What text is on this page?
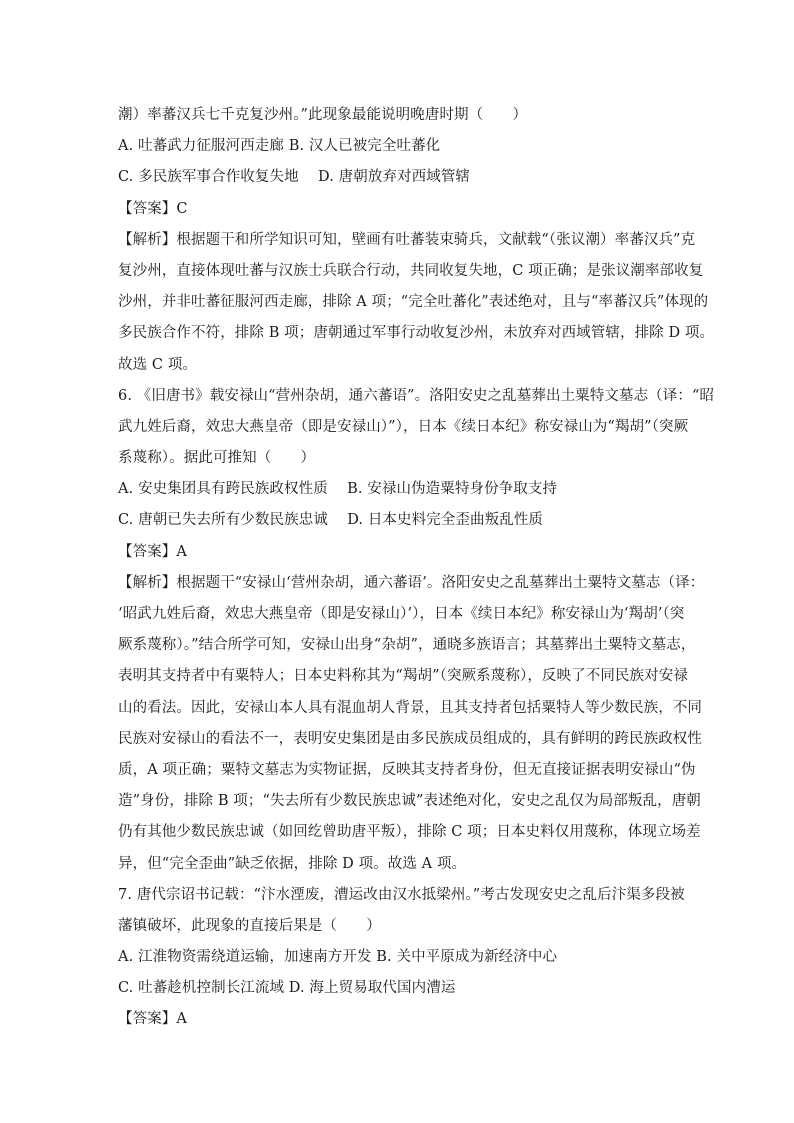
潮）率蕃汉兵七千克复沙州。”此现象最能说明晚唐时期（　　）
A. 吐蕃武力征服河西走廊 B. 汉人已被完全吐蕃化
C. 多民族军事合作收复失地　 D. 唐朝放弃对西域管辖
【答案】C
【解析】根据题干和所学知识可知，壁画有吐蕃装束骑兵，文献载“（张议潮）率蕃汉兵”克
复沙州，直接体现吐蕃与汉族士兵联合行动，共同收复失地，C 项正确；是张议潮率部收复
沙州，并非吐蕃征服河西走廊，排除 A 项；“完全吐蕃化”表述绝对，且与“率蕃汉兵”体现的
多民族合作不符，排除 B 项；唐朝通过军事行动收复沙州，未放弃对西域管辖，排除 D 项。
故选 C 项。
6. 《旧唐书》载安禄山“营州杂胡，通六蕃语”。洛阳安史之乱墓葬出土粟特文墓志（译：“昭
武九姓后裔，效忠大燕皇帝（即是安禄山）”），日本《续日本纪》称安禄山为“羯胡”（突厥
系蔑称）。据此可推知（　　）
A. 安史集团具有跨民族政权性质　 B. 安禄山伪造粟特身份争取支持
C. 唐朝已失去所有少数民族忠诚　 D. 日本史料完全歪曲叛乱性质
【答案】A
【解析】根据题干“安禄山‘营州杂胡，通六蕃语’。洛阳安史之乱墓葬出土粟特文墓志（译：
‘昭武九姓后裔，效忠大燕皇帝（即是安禄山）’），日本《续日本纪》称安禄山为‘羯胡’（突
厥系蔑称）。”结合所学可知，安禄山出身“杂胡”，通晓多族语言；其墓葬出土粟特文墓志，
表明其支持者中有粟特人；日本史料称其为“羯胡”（突厥系蔑称），反映了不同民族对安禄
山的看法。因此，安禄山本人具有混血胡人背景，且其支持者包括粟特人等少数民族，不同
民族对安禄山的看法不一，表明安史集团是由多民族成员组成的，具有鲜明的跨民族政权性
质，A 项正确；粟特文墓志为实物证据，反映其支持者身份，但无直接证据表明安禄山“伪
造”身份，排除 B 项；“失去所有少数民族忠诚”表述绝对化，安史之乱仅为局部叛乱，唐朝
仍有其他少数民族忠诚（如回纥曾助唐平叛），排除 C 项；日本史料仅用蔑称，体现立场差
异，但“完全歪曲”缺乏依据，排除 D 项。故选 A 项。
7. 唐代宗诏书记载：“汴水湮废，漕运改由汉水抵梁州。”考古发现安史之乱后汴渠多段被
藩镇破坏，此现象的直接后果是（　　）
A. 江淮物资需绕道运输，加速南方开发 B. 关中平原成为新经济中心
C. 吐蕃趁机控制长江流域 D. 海上贸易取代国内漕运
【答案】A
